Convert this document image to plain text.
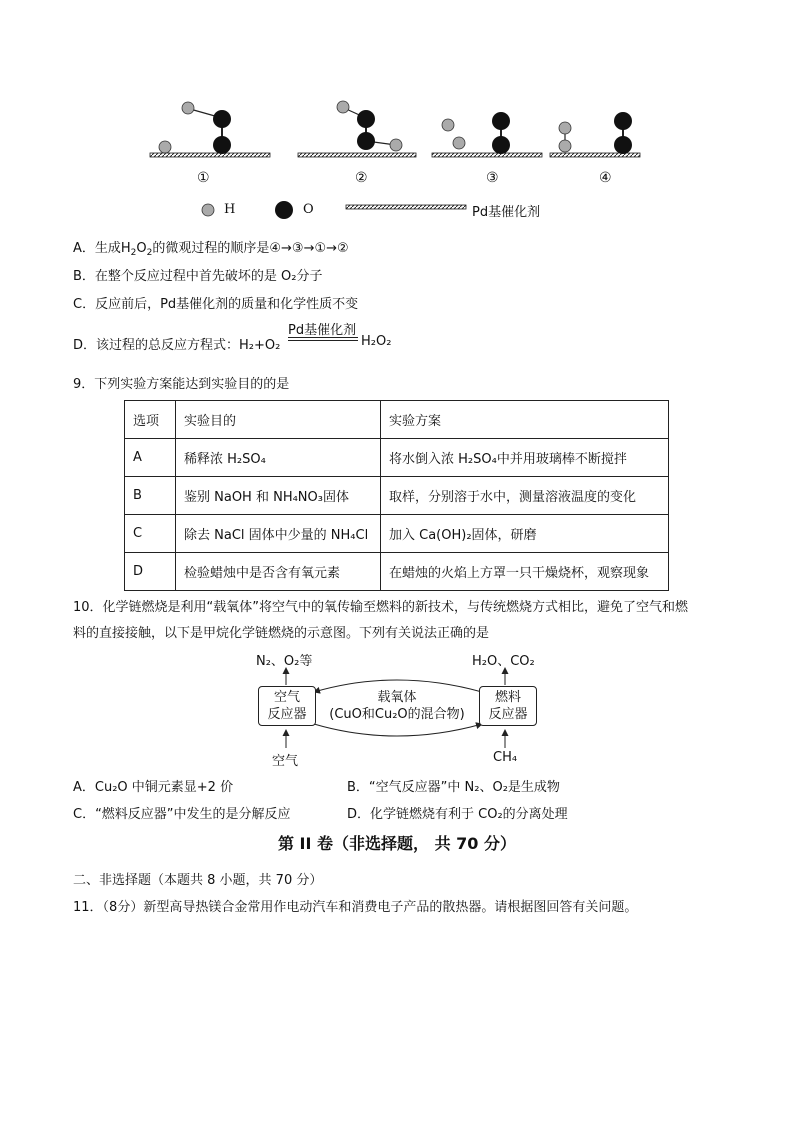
①	②	③	④
H	O	Pd基催化剂
A．生成$H_2O_2$的微观过程的顺序是④→③→①→②
B．在整个反应过程中首先破坏的是 O₂分子
C．反应前后，Pd基催化剂的质量和化学性质不变
D．该过程的总反应方程式：H₂+O₂
Pd基催化剂
H₂O₂
9．下列实验方案能达到实验目的的是
选项	实验目的	实验方案
A	稀释浓 H₂SO₄	将水倒入浓 H₂SO₄中并用玻璃棒不断搅拌
B	鉴别 NaOH 和 NH₄NO₃固体	取样，分别溶于水中，测量溶液温度的变化
C	除去 NaCl 固体中少量的 NH₄Cl	加入 Ca(OH)₂固体，研磨
D	检验蜡烛中是否含有氧元素	在蜡烛的火焰上方罩一只干燥烧杯，观察现象
10．化学链燃烧是利用“载氧体”将空气中的氧传输至燃料的新技术，与传统燃烧方式相比，避免了空气和燃
料的直接接触，以下是甲烷化学链燃烧的示意图。下列有关说法正确的是
N₂、O₂等
空气
反应器
空气
载氧体
(CuO和Cu₂O的混合物)
H₂O、CO₂
燃料
反应器
CH₄
A．Cu₂O 中铜元素显+2 价	B．“空气反应器”中 N₂、O₂是生成物
C．“燃料反应器”中发生的是分解反应	D．化学链燃烧有利于 CO₂的分离处理
第 II 卷（非选择题， 共 70 分）
二、非选择题（本题共 8 小题，共 70 分）
11．（8分）新型高导热镁合金常用作电动汽车和消费电子产品的散热器。请根据图回答有关问题。
